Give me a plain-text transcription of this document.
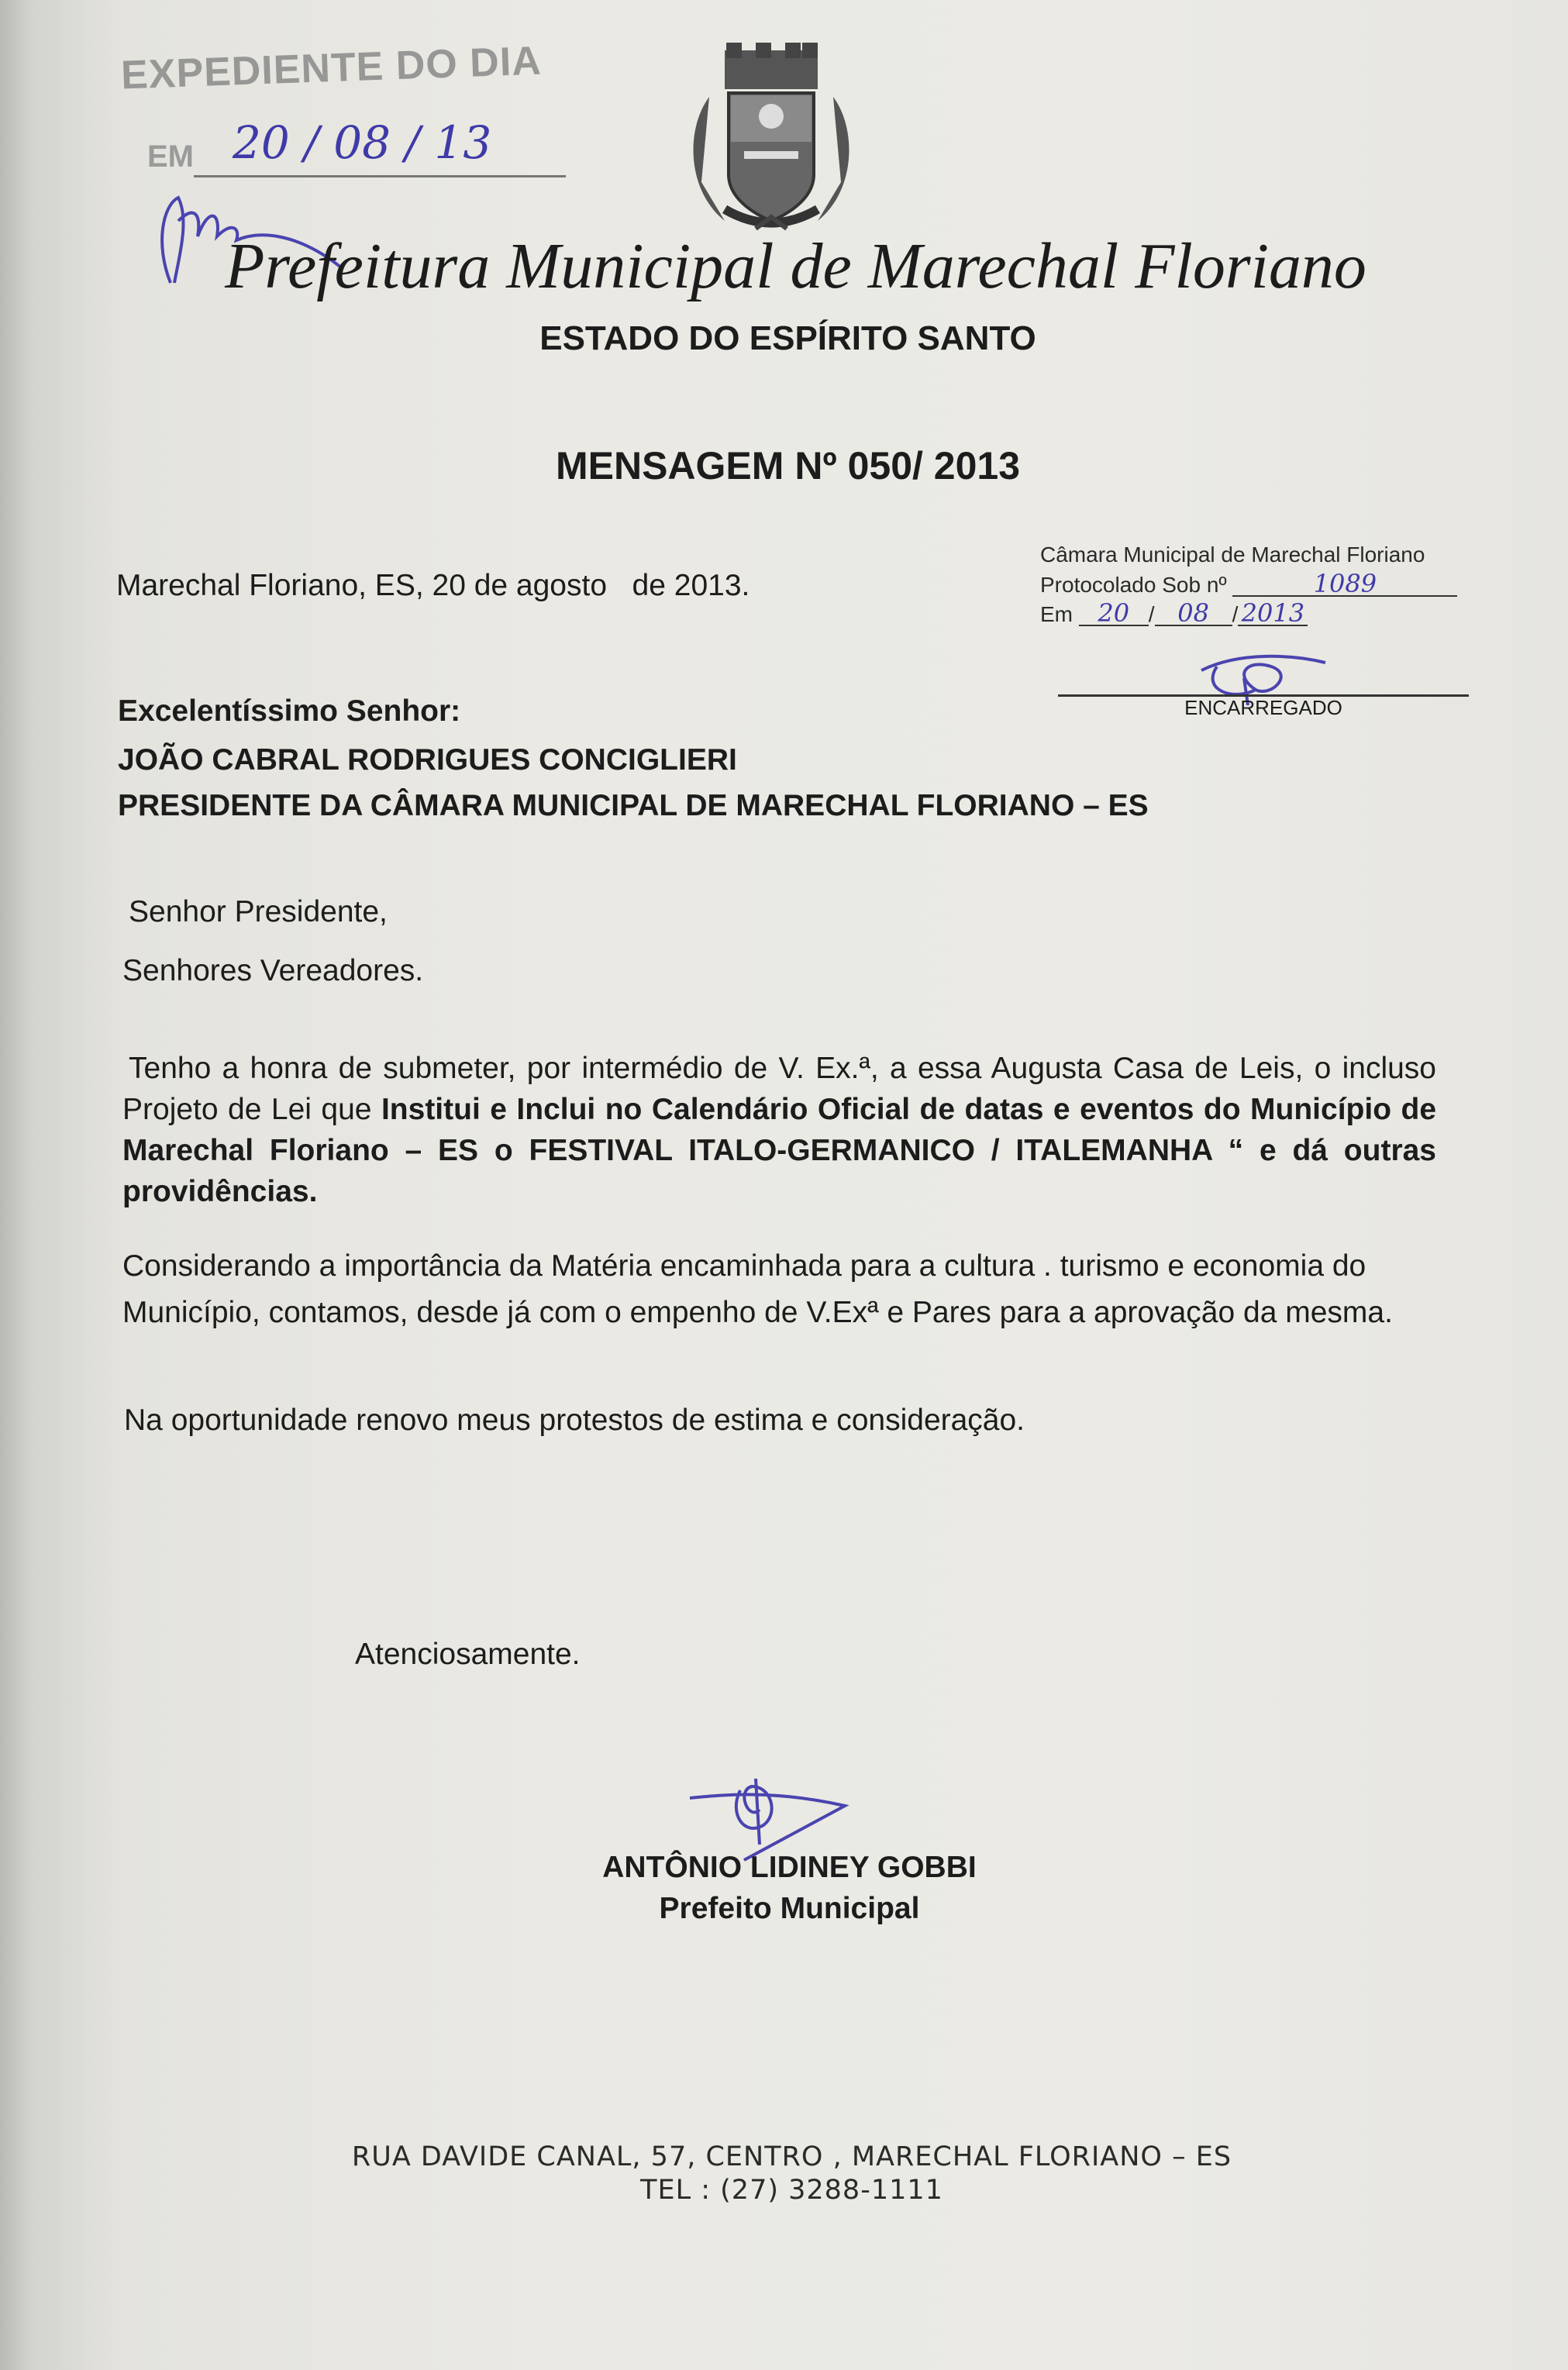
EXPEDIENTE DO DIA
EM 20 / 08 / 13
Prefeitura Municipal de Marechal Floriano
ESTADO DO ESPÍRITO SANTO
MENSAGEM Nº 050/ 2013
Marechal Floriano, ES, 20 de agosto   de 2013.
Câmara Municipal de Marechal Floriano
Protocolado Sob nº	1089
Em 20 / 08 / 2013
ENCARREGADO
Excelentíssimo Senhor:
JOÃO CABRAL RODRIGUES CONCIGLIERI
PRESIDENTE DA CÂMARA MUNICIPAL DE MARECHAL FLORIANO – ES
Senhor Presidente,
Senhores Vereadores.
Tenho a honra de submeter, por intermédio de V. Ex.ª, a essa Augusta Casa de Leis, o incluso Projeto de Lei que Institui e Inclui no Calendário Oficial de datas e eventos do Município de Marechal Floriano – ES o FESTIVAL ITALO-GERMANICO / ITALEMANHA “ e dá outras providências.
Considerando a importância da Matéria encaminhada para a cultura . turismo e economia do Município, contamos, desde já com o empenho de V.Exª e Pares para a aprovação da mesma.
Na oportunidade renovo meus protestos de estima e consideração.
Atenciosamente.
ANTÔNIO LIDINEY GOBBI
Prefeito Municipal
RUA DAVIDE CANAL, 57, CENTRO , MARECHAL FLORIANO – ES
TEL : (27) 3288-1111
